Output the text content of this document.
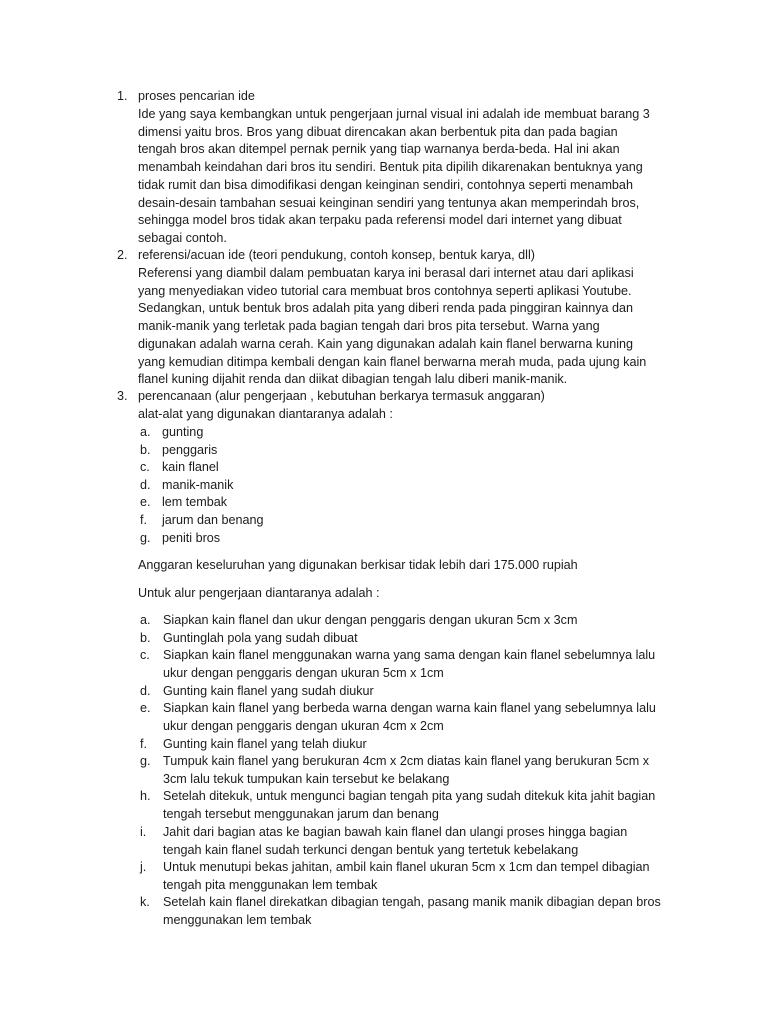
1. proses pencarian ide
Ide yang saya kembangkan untuk pengerjaan jurnal visual ini adalah ide membuat barang 3
dimensi yaitu bros. Bros yang dibuat direncakan akan berbentuk pita dan pada bagian
tengah bros akan ditempel pernak pernik yang tiap warnanya berda-beda. Hal ini akan
menambah keindahan dari bros itu sendiri. Bentuk pita dipilih dikarenakan bentuknya yang
tidak rumit dan bisa dimodifikasi dengan keinginan sendiri, contohnya seperti menambah
desain-desain tambahan sesuai keinginan sendiri yang tentunya akan memperindah bros,
sehingga model bros tidak akan terpaku pada referensi model dari internet yang dibuat
sebagai contoh.
2. referensi/acuan ide (teori pendukung, contoh konsep, bentuk karya, dll)
Referensi yang diambil dalam pembuatan karya ini berasal dari internet atau dari aplikasi
yang menyediakan video tutorial cara membuat bros contohnya seperti aplikasi Youtube.
Sedangkan, untuk bentuk bros adalah pita yang diberi renda pada pinggiran kainnya dan
manik-manik yang terletak pada bagian tengah dari bros pita tersebut. Warna yang
digunakan adalah warna cerah. Kain yang digunakan adalah kain flanel berwarna kuning
yang kemudian ditimpa kembali dengan kain flanel berwarna merah muda, pada ujung kain
flanel kuning dijahit renda dan diikat dibagian tengah lalu diberi manik-manik.
3. perencanaan (alur pengerjaan , kebutuhan berkarya termasuk anggaran)
alat-alat yang digunakan diantaranya adalah :
a. gunting
b. penggaris
c. kain flanel
d. manik-manik
e. lem tembak
f. jarum dan benang
g. peniti bros
Anggaran keseluruhan yang digunakan berkisar tidak lebih dari 175.000 rupiah
Untuk alur pengerjaan diantaranya adalah :
a. Siapkan kain flanel dan ukur dengan penggaris dengan ukuran 5cm x 3cm
b. Guntinglah pola yang sudah dibuat
c. Siapkan kain flanel menggunakan warna yang sama dengan kain flanel sebelumnya lalu
ukur dengan penggaris dengan ukuran 5cm x 1cm
d. Gunting kain flanel yang sudah diukur
e. Siapkan kain flanel yang berbeda warna dengan warna kain flanel yang sebelumnya lalu
ukur dengan penggaris dengan ukuran 4cm x 2cm
f. Gunting kain flanel yang telah diukur
g. Tumpuk kain flanel yang berukuran 4cm x 2cm diatas kain flanel yang berukuran 5cm x
3cm lalu tekuk tumpukan kain tersebut ke belakang
h. Setelah ditekuk, untuk mengunci bagian tengah pita yang sudah ditekuk kita jahit bagian
tengah tersebut menggunakan jarum dan benang
i. Jahit dari bagian atas ke bagian bawah kain flanel dan ulangi proses hingga bagian
tengah kain flanel sudah terkunci dengan bentuk yang tertetuk kebelakang
j. Untuk menutupi bekas jahitan, ambil kain flanel ukuran 5cm x 1cm dan tempel dibagian
tengah pita menggunakan lem tembak
k. Setelah kain flanel direkatkan dibagian tengah, pasang manik manik dibagian depan bros
menggunakan lem tembak
